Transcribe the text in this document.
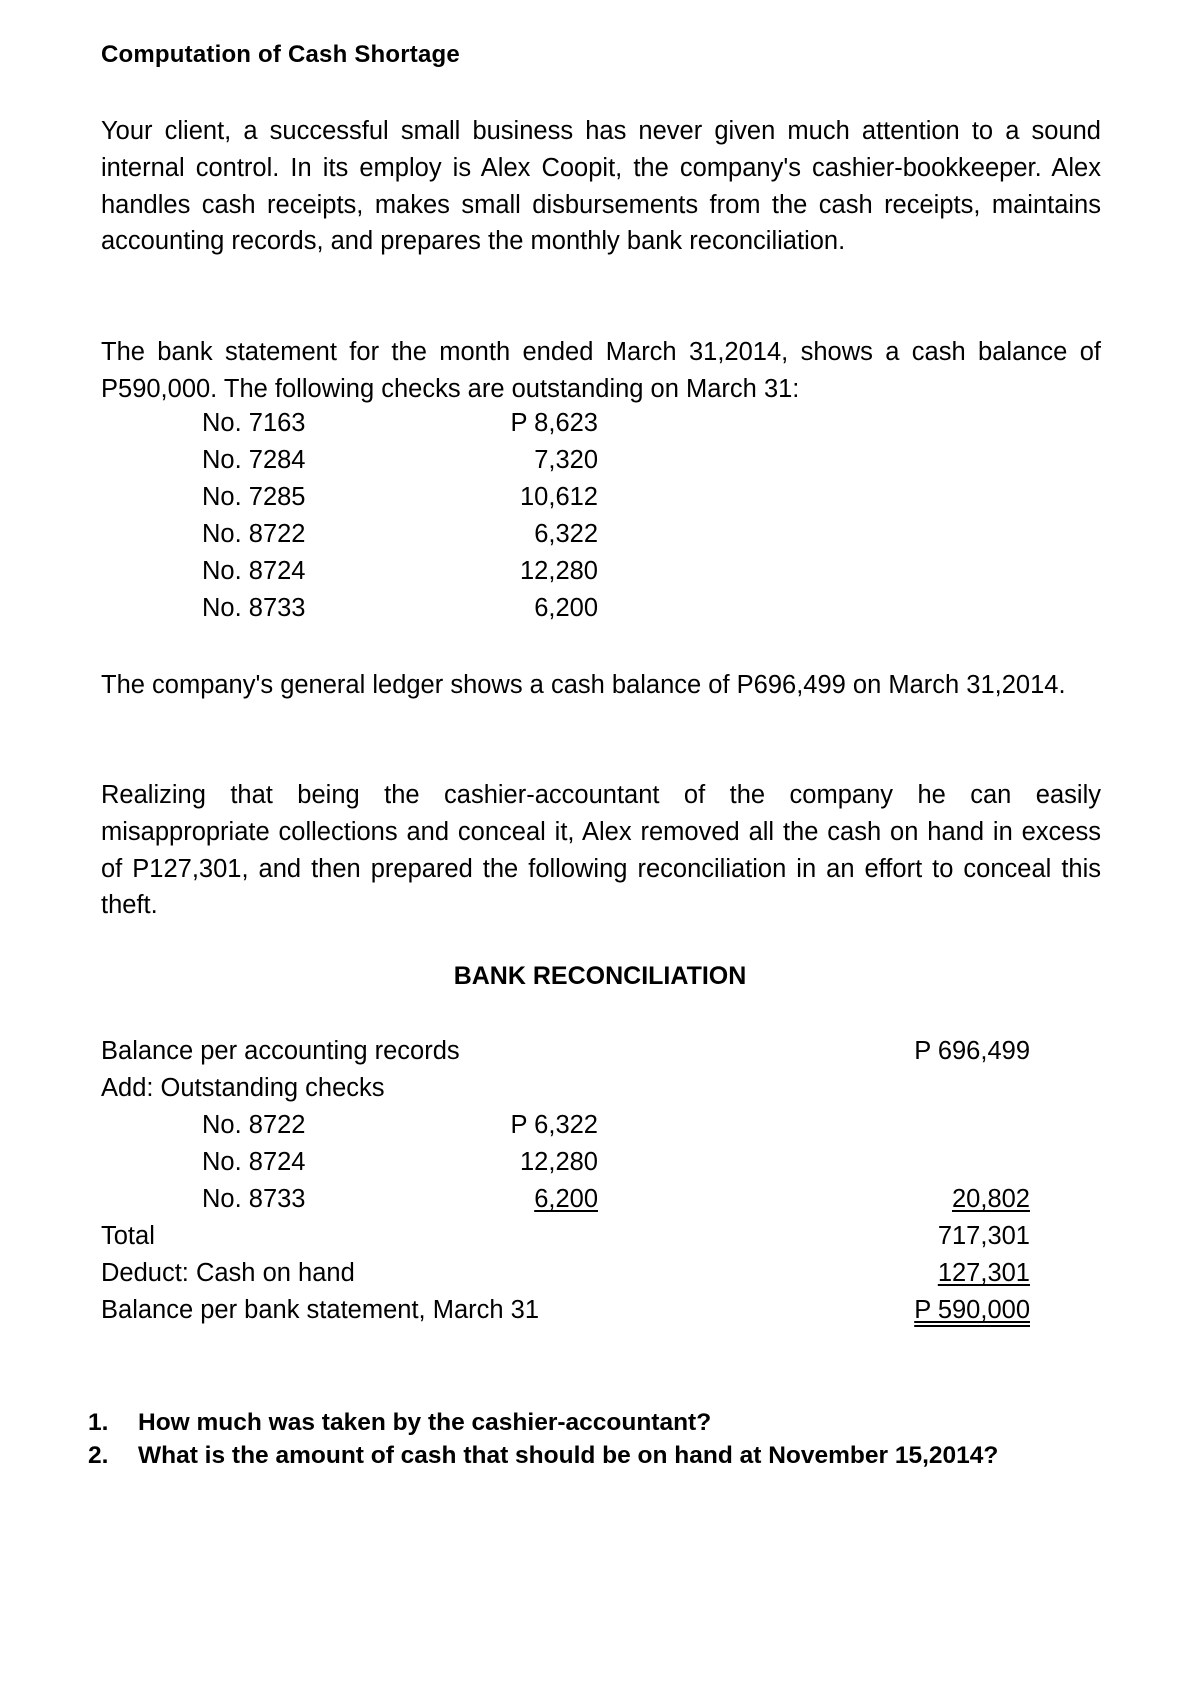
Computation of Cash Shortage
Your client, a successful small business has never given much attention to a sound internal control. In its employ is Alex Coopit, the company's cashier-bookkeeper. Alex handles cash receipts, makes small disbursements from the cash receipts, maintains accounting records, and prepares the monthly bank reconciliation.
The bank statement for the month ended March 31,2014, shows a cash balance of P590,000. The following checks are outstanding on March 31:
No. 7163	P 8,623
No. 7284	7,320
No. 7285	10,612
No. 8722	6,322
No. 8724	12,280
No. 8733	6,200
The company's general ledger shows a cash balance of P696,499 on March 31,2014.
Realizing that being the cashier-accountant of the company he can easily misappropriate collections and conceal it, Alex removed all the cash on hand in excess of P127,301, and then prepared the following reconciliation in an effort to conceal this theft.
BANK RECONCILIATION
Balance per accounting records	P 696,499
Add: Outstanding checks
No. 8722	P 6,322
No. 8724	12,280
No. 8733	6,200	20,802
Total	717,301
Deduct: Cash on hand	127,301
Balance per bank statement, March 31	P 590,000
1. How much was taken by the cashier-accountant?
2. What is the amount of cash that should be on hand at November 15,2014?
